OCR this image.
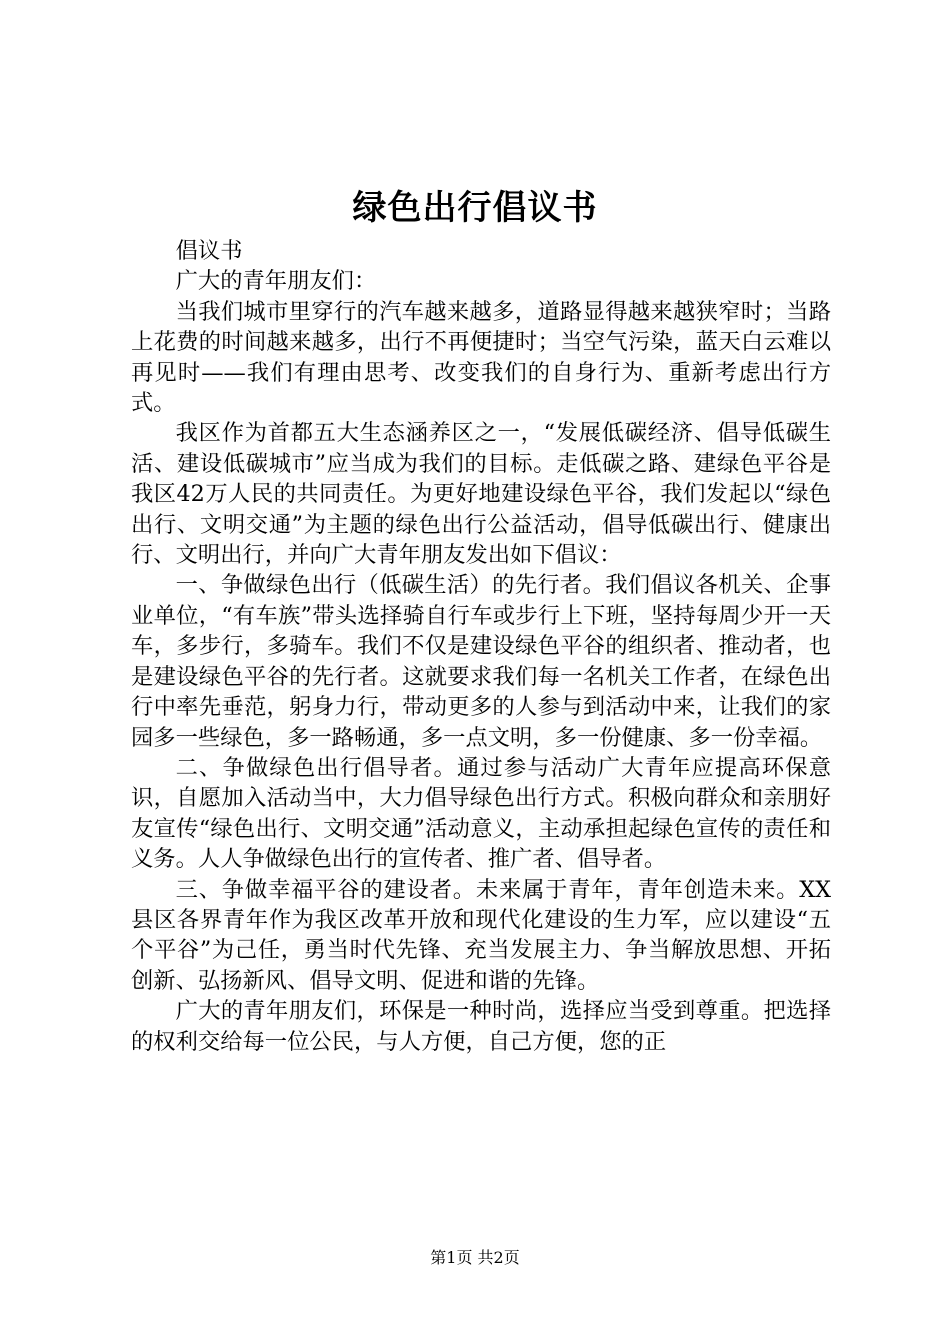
绿色出行倡议书

倡议书

广大的青年朋友们：

当我们城市里穿行的汽车越来越多，道路显得越来越狭窄时；当路上花费的时间越来越多，出行不再便捷时；当空气污染，蓝天白云难以再见时——我们有理由思考、改变我们的自身行为、重新考虑出行方式。

我区作为首都五大生态涵养区之一，“发展低碳经济、倡导低碳生活、建设低碳城市”应当成为我们的目标。走低碳之路、建绿色平谷是我区42万人民的共同责任。为更好地建设绿色平谷，我们发起以“绿色出行、文明交通”为主题的绿色出行公益活动，倡导低碳出行、健康出行、文明出行，并向广大青年朋友发出如下倡议：

一、争做绿色出行（低碳生活）的先行者。我们倡议各机关、企事业单位，“有车族”带头选择骑自行车或步行上下班，坚持每周少开一天车，多步行，多骑车。我们不仅是建设绿色平谷的组织者、推动者，也是建设绿色平谷的先行者。这就要求我们每一名机关工作者，在绿色出行中率先垂范，躬身力行，带动更多的人参与到活动中来，让我们的家园多一些绿色，多一路畅通，多一点文明，多一份健康、多一份幸福。

二、争做绿色出行倡导者。通过参与活动广大青年应提高环保意识，自愿加入活动当中，大力倡导绿色出行方式。积极向群众和亲朋好友宣传“绿色出行、文明交通”活动意义，主动承担起绿色宣传的责任和义务。人人争做绿色出行的宣传者、推广者、倡导者。

三、争做幸福平谷的建设者。未来属于青年，青年创造未来。XX县区各界青年作为我区改革开放和现代化建设的生力军，应以建设“五个平谷”为己任，勇当时代先锋、充当发展主力、争当解放思想、开拓创新、弘扬新风、倡导文明、促进和谐的先锋。

广大的青年朋友们，环保是一种时尚，选择应当受到尊重。把选择的权利交给每一位公民，与人方便，自己方便，您的正

第1页 共2页
